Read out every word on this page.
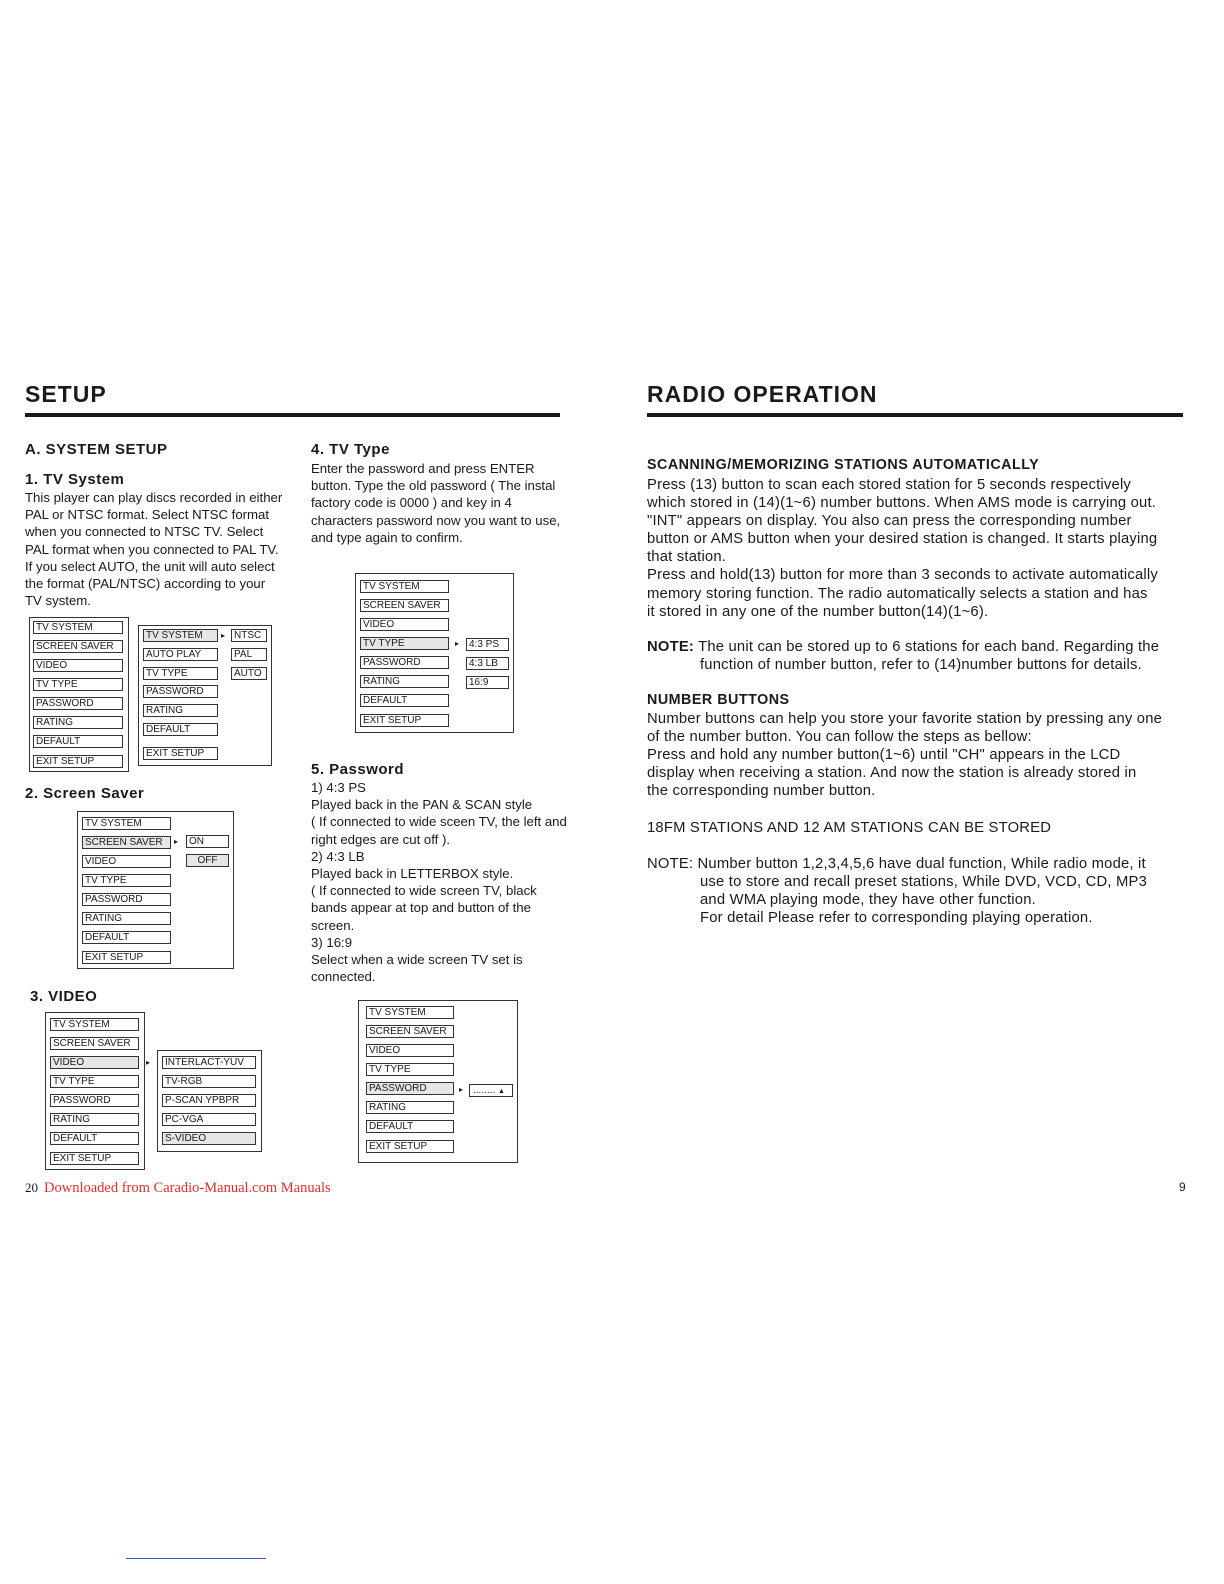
SETUP
A. SYSTEM SETUP
1. TV System
This player can play discs recorded in either PAL or NTSC format. Select NTSC format when you connected to NTSC TV. Select PAL format when you connected to PAL TV. If you select AUTO, the unit will auto select the format (PAL/NTSC) according to your TV system.
TV SYSTEM
SCREEN SAVER
VIDEO
TV TYPE
PASSWORD
RATING
DEFAULT
EXIT SETUP
TV SYSTEM
AUTO PLAY
TV TYPE
PASSWORD
RATING
DEFAULT
EXIT SETUP
▸ NTSC
PAL
AUTO
2. Screen Saver
TV SYSTEM
SCREEN SAVER
VIDEO
TV TYPE
PASSWORD
RATING
DEFAULT
EXIT SETUP
▸	ON
OFF
3. VIDEO
TV SYSTEM
SCREEN SAVER
VIDEO
TV TYPE
PASSWORD
RATING
DEFAULT
EXIT SETUP
▸	INTERLACT-YUV
TV-RGB
P-SCAN YPBPR
PC-VGA
S-VIDEO
4. TV Type
Enter the password and press ENTER button. Type the old password ( The instal factory code is 0000 ) and key in 4 characters password now you want to use, and type again to confirm.
TV SYSTEM
SCREEN SAVER
VIDEO
TV TYPE
PASSWORD
RATING
DEFAULT
EXIT SETUP
▸ 4:3 PS
4:3 LB
16:9
5. Password
1) 4:3 PS
Played back in the PAN & SCAN style
( If connected to wide sceen TV, the left and right edges are cut off ).
2) 4:3 LB
Played back in LETTERBOX style.
( If connected to wide screen TV, black bands appear at top and button of the screen.
3) 16:9
Select when a wide screen TV set is connected.
TV SYSTEM
SCREEN SAVER
VIDEO
TV TYPE
PASSWORD
RATING
DEFAULT
EXIT SETUP
▸ ........ ▲
20 Downloaded from Caradio-Manual.com Manuals
RADIO OPERATION
SCANNING/MEMORIZING STATIONS AUTOMATICALLY
Press (13) button to scan each stored station for 5 seconds respectively
which stored in (14)(1~6) number buttons. When AMS mode is carrying out.
"INT" appears on display. You also can press the corresponding number
button or AMS button when your desired station is changed. It starts playing
that station.
Press and hold(13) button for more than 3 seconds to activate automatically
memory storing function. The radio automatically selects a station and has
it stored in any one of the number button(14)(1~6).
NOTE: The unit can be stored up to 6 stations for each band. Regarding the
function of number button, refer to (14)number buttons for details.
NUMBER BUTTONS
Number buttons can help you store your favorite station by pressing any one
of the number button. You can follow the steps as bellow:
Press and hold any number button(1~6) until "CH" appears in the LCD
display when receiving a station. And now the station is already stored in
the corresponding number button.
18FM STATIONS AND 12 AM STATIONS CAN BE STORED
NOTE: Number button 1,2,3,4,5,6 have dual function, While radio mode, it
use to store and recall preset stations, While DVD, VCD, CD, MP3
and WMA playing mode, they have other function.
For detail Please refer to corresponding playing operation.
9
